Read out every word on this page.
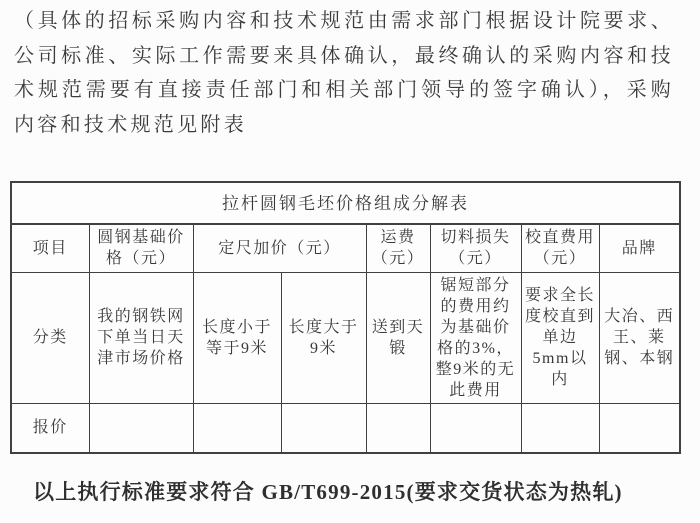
（具体的招标采购内容和技术规范由需求部门根据设计院要求、公司标准、实际工作需要来具体确认，最终确认的采购内容和技术规范需要有直接责任部门和相关部门领导的签字确认），采购内容和技术规范见附表

拉杆圆钢毛坯价格组成分解表							
项目	圆钢基础价格（元）	定尺加价（元）		运费（元）	切料损失（元）	校直费用（元）	品牌
分类	我的钢铁网下单当日天津市场价格	长度小于等于9米	长度大于9米	送到天锻	锯短部分的费用约为基础价格的3%，整9米的无此费用	要求全长度校直到单边5mm以内	大冶、西王、莱钢、本钢
报价							

以上执行标准要求符合 GB/T699-2015(要求交货状态为热轧)
